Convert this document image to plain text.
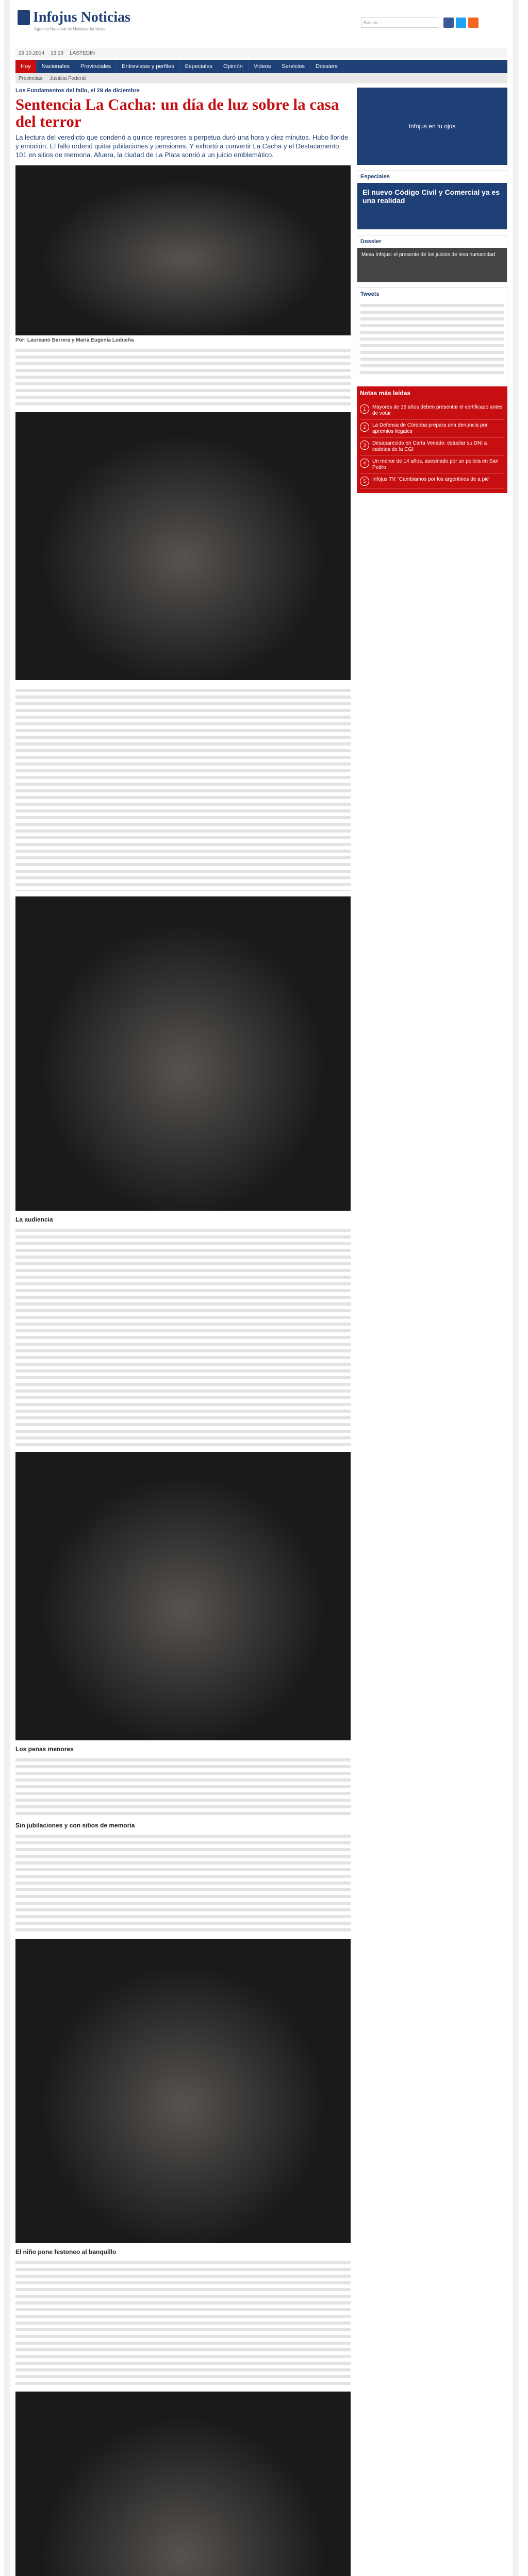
Infojus Noticias
Agencia Nacional de Noticias Jurídicas
Buscar...
29.10.2014 13:23 LASTEDIN
Hoy	Nacionales	Provinciales	Entrevistas y perfiles	Especiales	Opinión	Videos	Servicios	Dossiers
Provincias Justicia Federal
Los Fundamentos del fallo, el 29 de diciembre
Sentencia La Cacha: un día de luz sobre la casa del terror
La lectura del veredicto que condenó a quince represores a perpetua duró una hora y diez minutos. Hubo lloride y emoción. El fallo ordenó quitar jubilaciones y pensiones. Y exhortó a convertir La Cacha y el Destacamento 101 en sitios de memoria. Afuera, la ciudad de La Plata sonrió a un juicio emblemático.
Por: Laureano Barrera y María Eugenia Ludueña
La audiencia
Los penas menores
Sin jubilaciones y con sitios de memoria
El niño pone festoneo al banquillo
Infojus en tu ojos
Especiales
El nuevo Código Civil y Comercial ya es una realidad
Dossier
Mesa Infojus: el presente de los juicios de lesa humanidad
Tweets
Notas más leídas
1	Mayores de 16 años deben presentar el certificado antes de votar
2	La Defensa de Córdoba prepara una denuncia por apremios ilegales
3	Desaparecido en Carta Venado: estudiar su DNI a cadetes de la CGI
4	Un menor de 14 años, asesinado por un policía en San Pedro
5	Infojus TV: 'Cambiamos por los argentinos de a pie'
